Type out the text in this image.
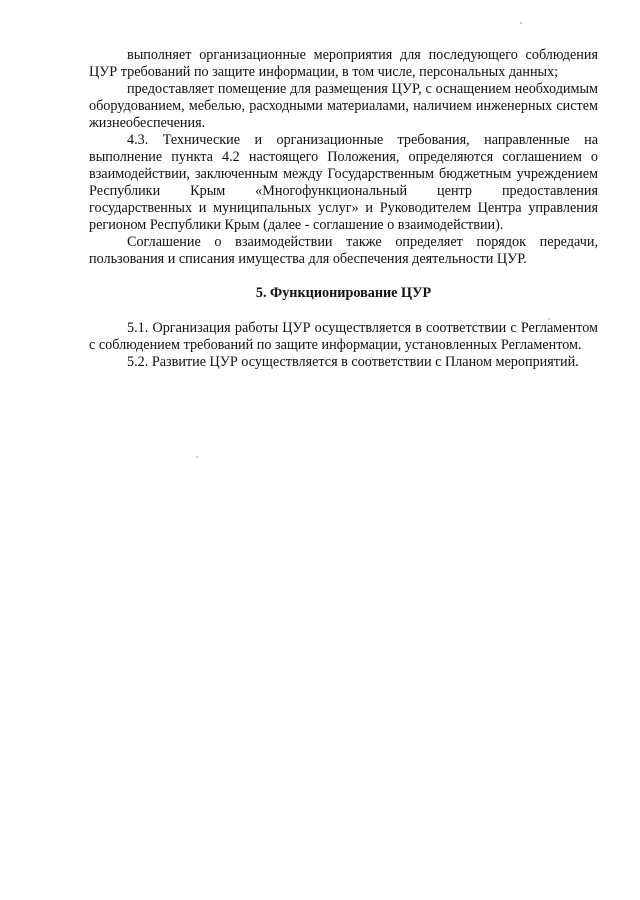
выполняет организационные мероприятия для последующего соблюдения ЦУР требований по защите информации, в том числе, персональных данных;

предоставляет помещение для размещения ЦУР, с оснащением необходимым оборудованием, мебелью, расходными материалами, наличием инженерных систем жизнеобеспечения.

4.3. Технические и организационные требования, направленные на выполнение пункта 4.2 настоящего Положения, определяются соглашением о взаимодействии, заключенным между Государственным бюджетным учреждением Республики Крым «Многофункциональный центр предоставления государственных и муниципальных услуг» и Руководителем Центра управления регионом Республики Крым (далее - соглашение о взаимодействии).

Соглашение о взаимодействии также определяет порядок передачи, пользования и списания имущества для обеспечения деятельности ЦУР.

5. Функционирование ЦУР

5.1. Организация работы ЦУР осуществляется в соответствии с Регламентом с соблюдением требований по защите информации, установленных Регламентом.

5.2. Развитие ЦУР осуществляется в соответствии с Планом мероприятий.
